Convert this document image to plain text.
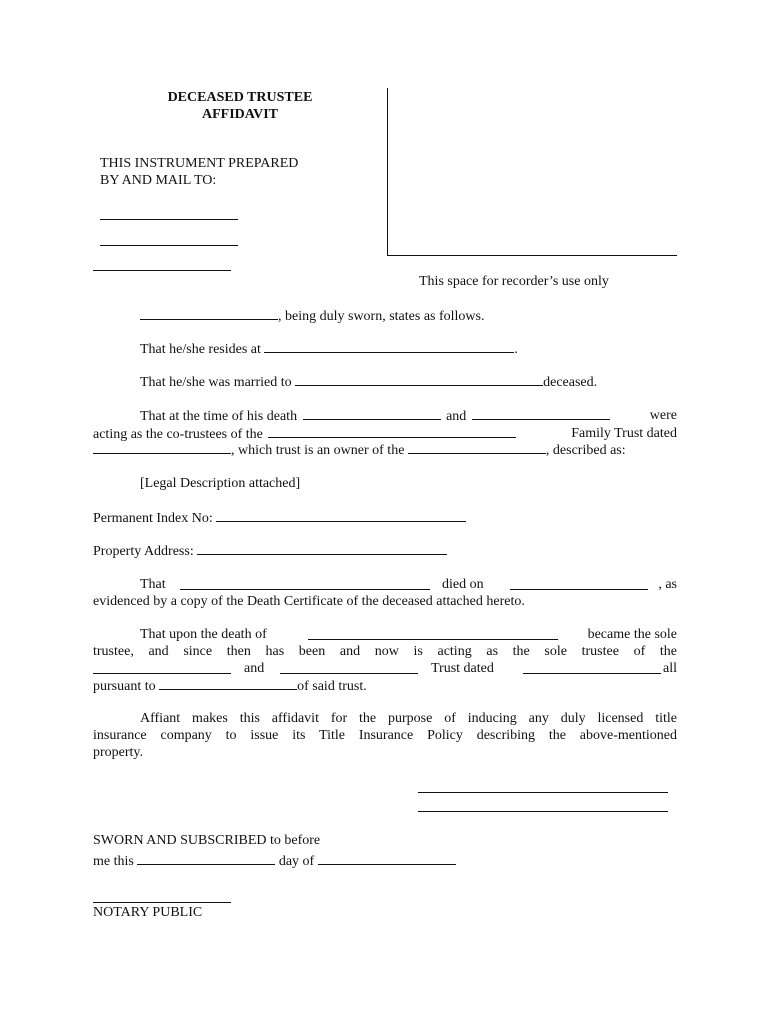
DECEASED TRUSTEE
AFFIDAVIT
THIS INSTRUMENT PREPARED
BY AND MAIL TO:
This space for recorder’s use only
, being duly sworn, states as follows.
That he/she resides at	.
That he/she was married to	deceased.
That at the time of his death	and	were
acting as the co-trustees of the	Family Trust dated
, which trust is an owner of the	, described as:
[Legal Description attached]
Permanent Index No:
Property Address:
That	died on	, as
evidenced by a copy of the Death Certificate of the deceased attached hereto.
That upon the death of	became the sole
trustee, and since then has been and now is acting as the sole trustee of the
and	Trust dated	all
pursuant to	of said trust.
Affiant makes this affidavit for the purpose of inducing any duly licensed title
insurance company to issue its Title Insurance Policy describing the above-mentioned
property.
SWORN AND SUBSCRIBED to before
me this	day of
NOTARY PUBLIC
